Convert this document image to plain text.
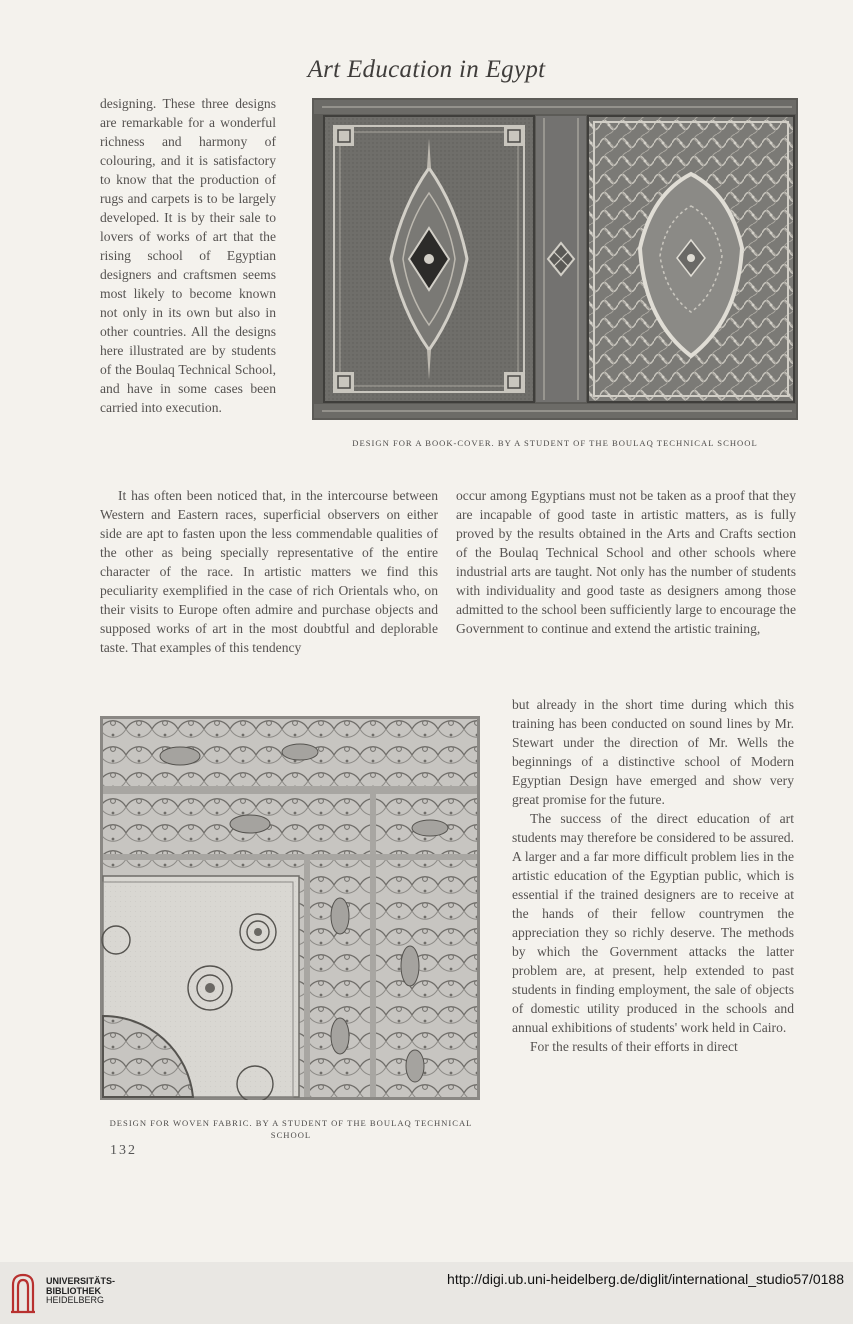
Art Education in Egypt

designing. These three designs are remarkable for a wonderful richness and harmony of colouring, and it is satisfactory to know that the production of rugs and carpets is to be largely developed. It is by their sale to lovers of works of art that the rising school of Egyptian designers and craftsmen seems most likely to become known not only in its own but also in other countries. All the designs here illustrated are by students of the Boulaq Technical School, and have in some cases been carried into execution.

DESIGN FOR A BOOK-COVER. BY A STUDENT OF THE BOULAQ TECHNICAL SCHOOL

It has often been noticed that, in the intercourse between Western and Eastern races, superficial observers on either side are apt to fasten upon the less commendable qualities of the other as being specially representative of the entire character of the race. In artistic matters we find this peculiarity exemplified in the case of rich Orientals who, on their visits to Europe often admire and purchase objects and supposed works of art in the most doubtful and deplorable taste. That examples of this tendency

occur among Egyptians must not be taken as a proof that they are incapable of good taste in artistic matters, as is fully proved by the results obtained in the Arts and Crafts section of the Boulaq Technical School and other schools where industrial arts are taught. Not only has the number of students with individuality and good taste as designers among those admitted to the school been sufficiently large to encourage the Government to continue and extend the artistic training,

DESIGN FOR WOVEN FABRIC. BY A STUDENT OF THE BOULAQ TECHNICAL SCHOOL

but already in the short time during which this training has been conducted on sound lines by Mr. Stewart under the direction of Mr. Wells the beginnings of a distinctive school of Modern Egyptian Design have emerged and show very great promise for the future.

The success of the direct education of art students may therefore be considered to be assured. A larger and a far more difficult problem lies in the artistic education of the Egyptian public, which is essential if the trained designers are to receive at the hands of their fellow countrymen the appreciation they so richly deserve. The methods by which the Government attacks the latter problem are, at present, help extended to past students in finding employment, the sale of objects of domestic utility produced in the schools and annual exhibitions of students' work held in Cairo.

For the results of their efforts in direct

132
UNIVERSITÄTS-
BIBLIOTHEK
HEIDELBERG
http://digi.ub.uni-heidelberg.de/diglit/international_studio57/0188
